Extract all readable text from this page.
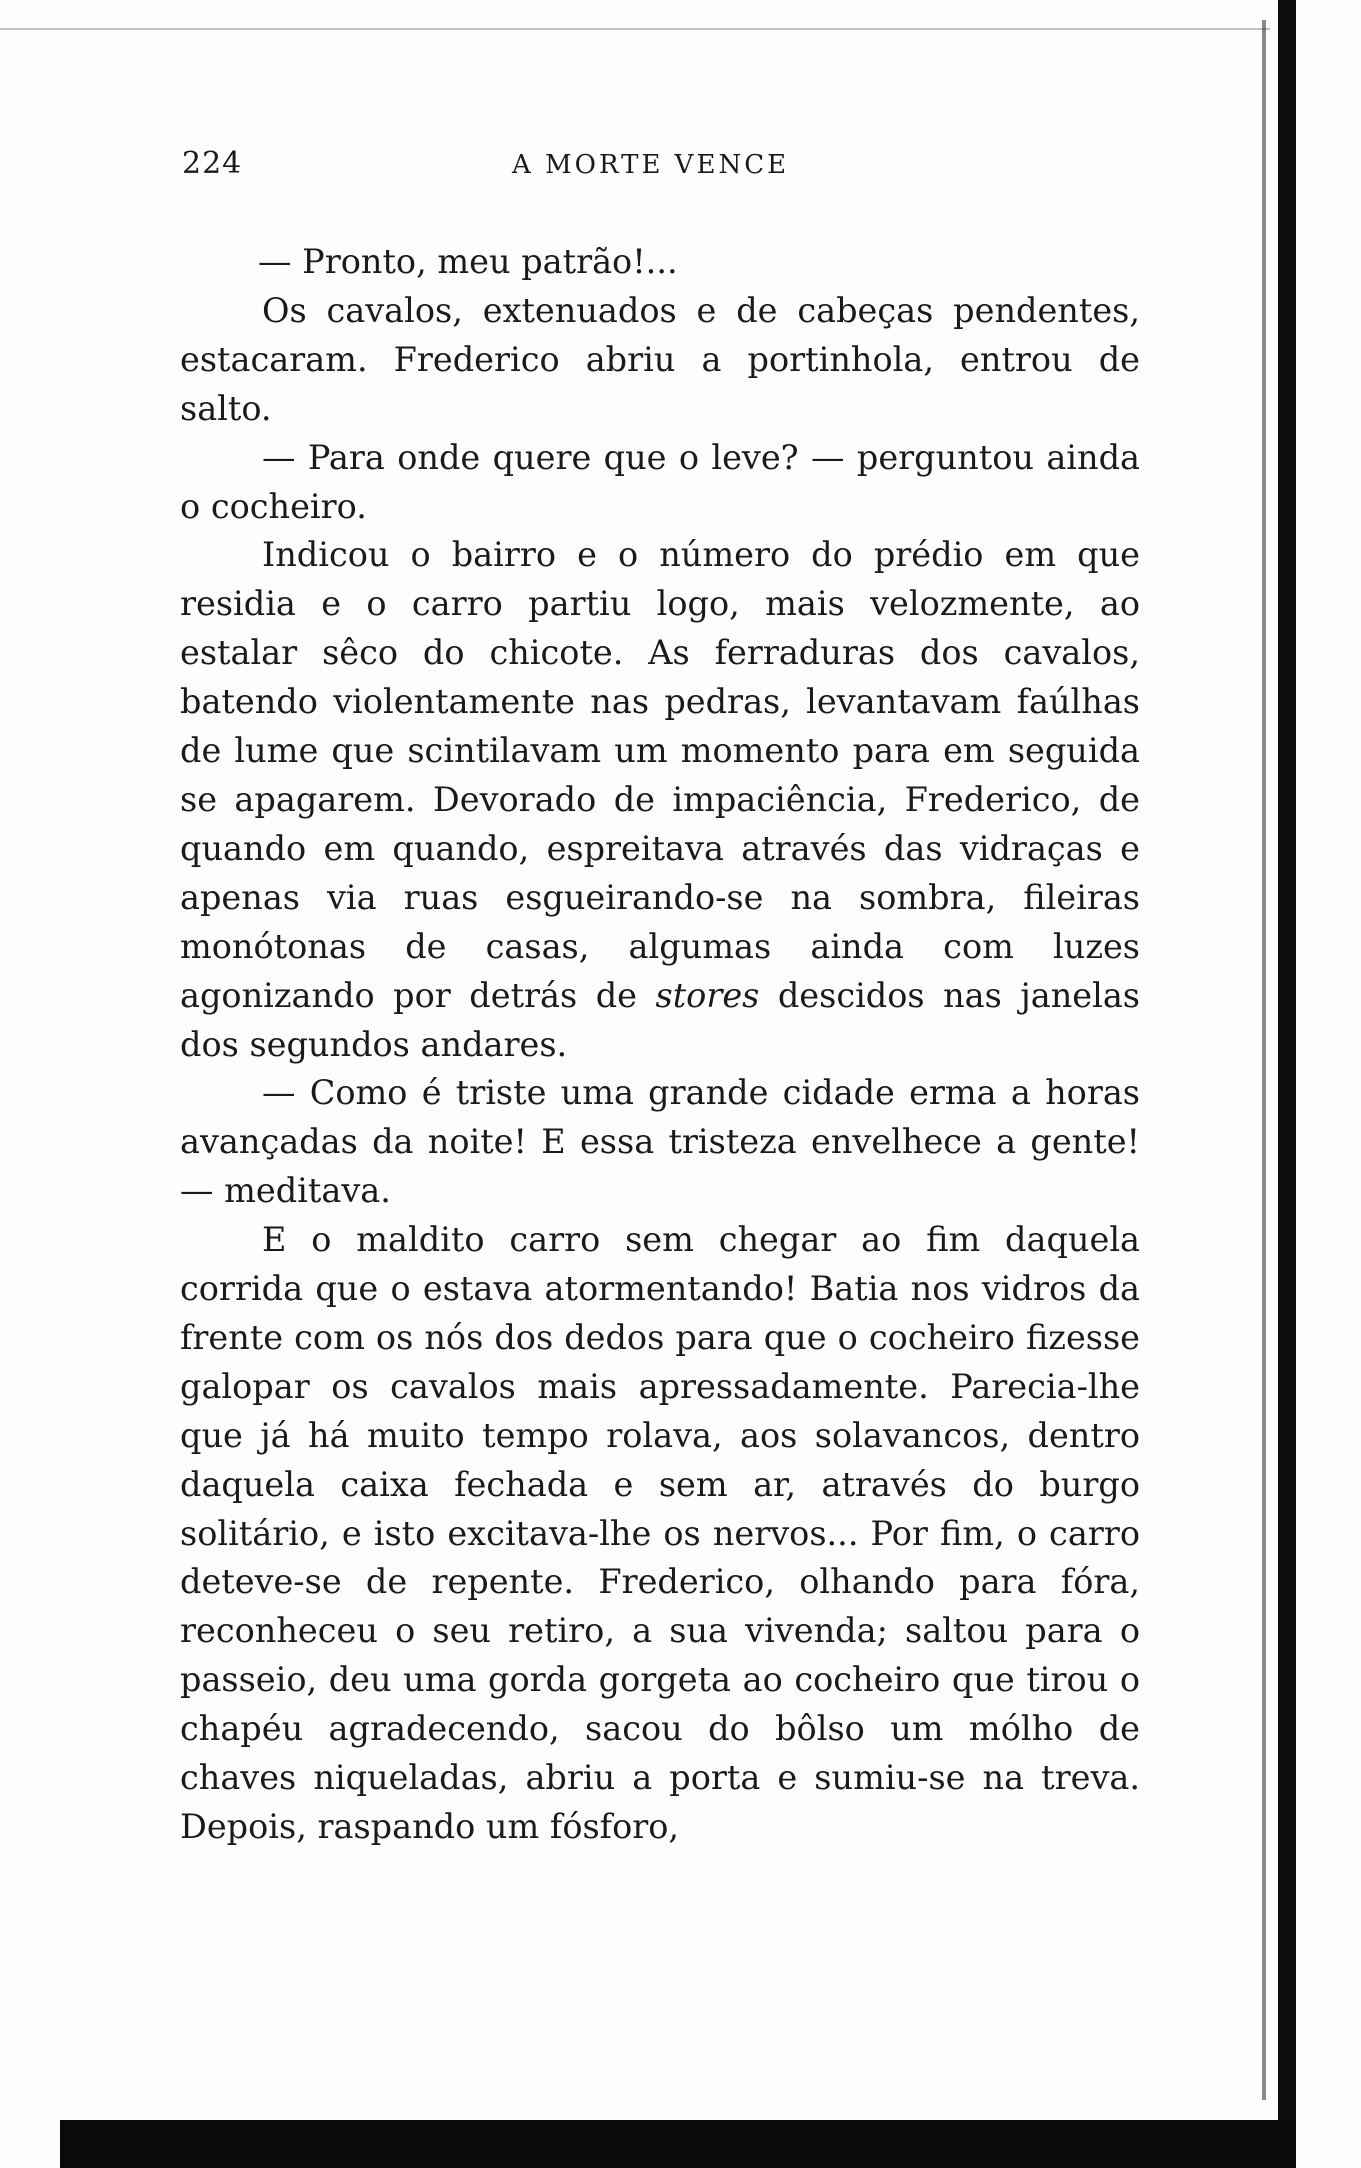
224	A MORTE VENCE

— Pronto, meu patrão!...

Os cavalos, extenuados e de cabeças pendentes, estacaram. Frederico abriu a portinhola, entrou de salto.

— Para onde quere que o leve? — perguntou ainda o cocheiro.

Indicou o bairro e o número do prédio em que residia e o carro partiu logo, mais velozmente, ao estalar sêco do chicote. As ferraduras dos cavalos, batendo violentamente nas pedras, levantavam faúlhas de lume que scintilavam um momento para em seguida se apagarem. Devorado de impaciência, Frederico, de quando em quando, espreitava através das vidraças e apenas via ruas esgueirando-se na sombra, fileiras monótonas de casas, algumas ainda com luzes agonizando por detrás de stores descidos nas janelas dos segundos andares.

— Como é triste uma grande cidade erma a horas avançadas da noite! E essa tristeza envelhece a gente! — meditava.

E o maldito carro sem chegar ao fim daquela corrida que o estava atormentando! Batia nos vidros da frente com os nós dos dedos para que o cocheiro fizesse galopar os cavalos mais apressadamente. Parecia-lhe que já há muito tempo rolava, aos solavancos, dentro daquela caixa fechada e sem ar, através do burgo solitário, e isto excitava-lhe os nervos... Por fim, o carro deteve-se de repente. Frederico, olhando para fóra, reconheceu o seu retiro, a sua vivenda; saltou para o passeio, deu uma gorda gorgeta ao cocheiro que tirou o chapéu agradecendo, sacou do bôlso um mólho de chaves niqueladas, abriu a porta e sumiu-se na treva. Depois, raspando um fósforo,
